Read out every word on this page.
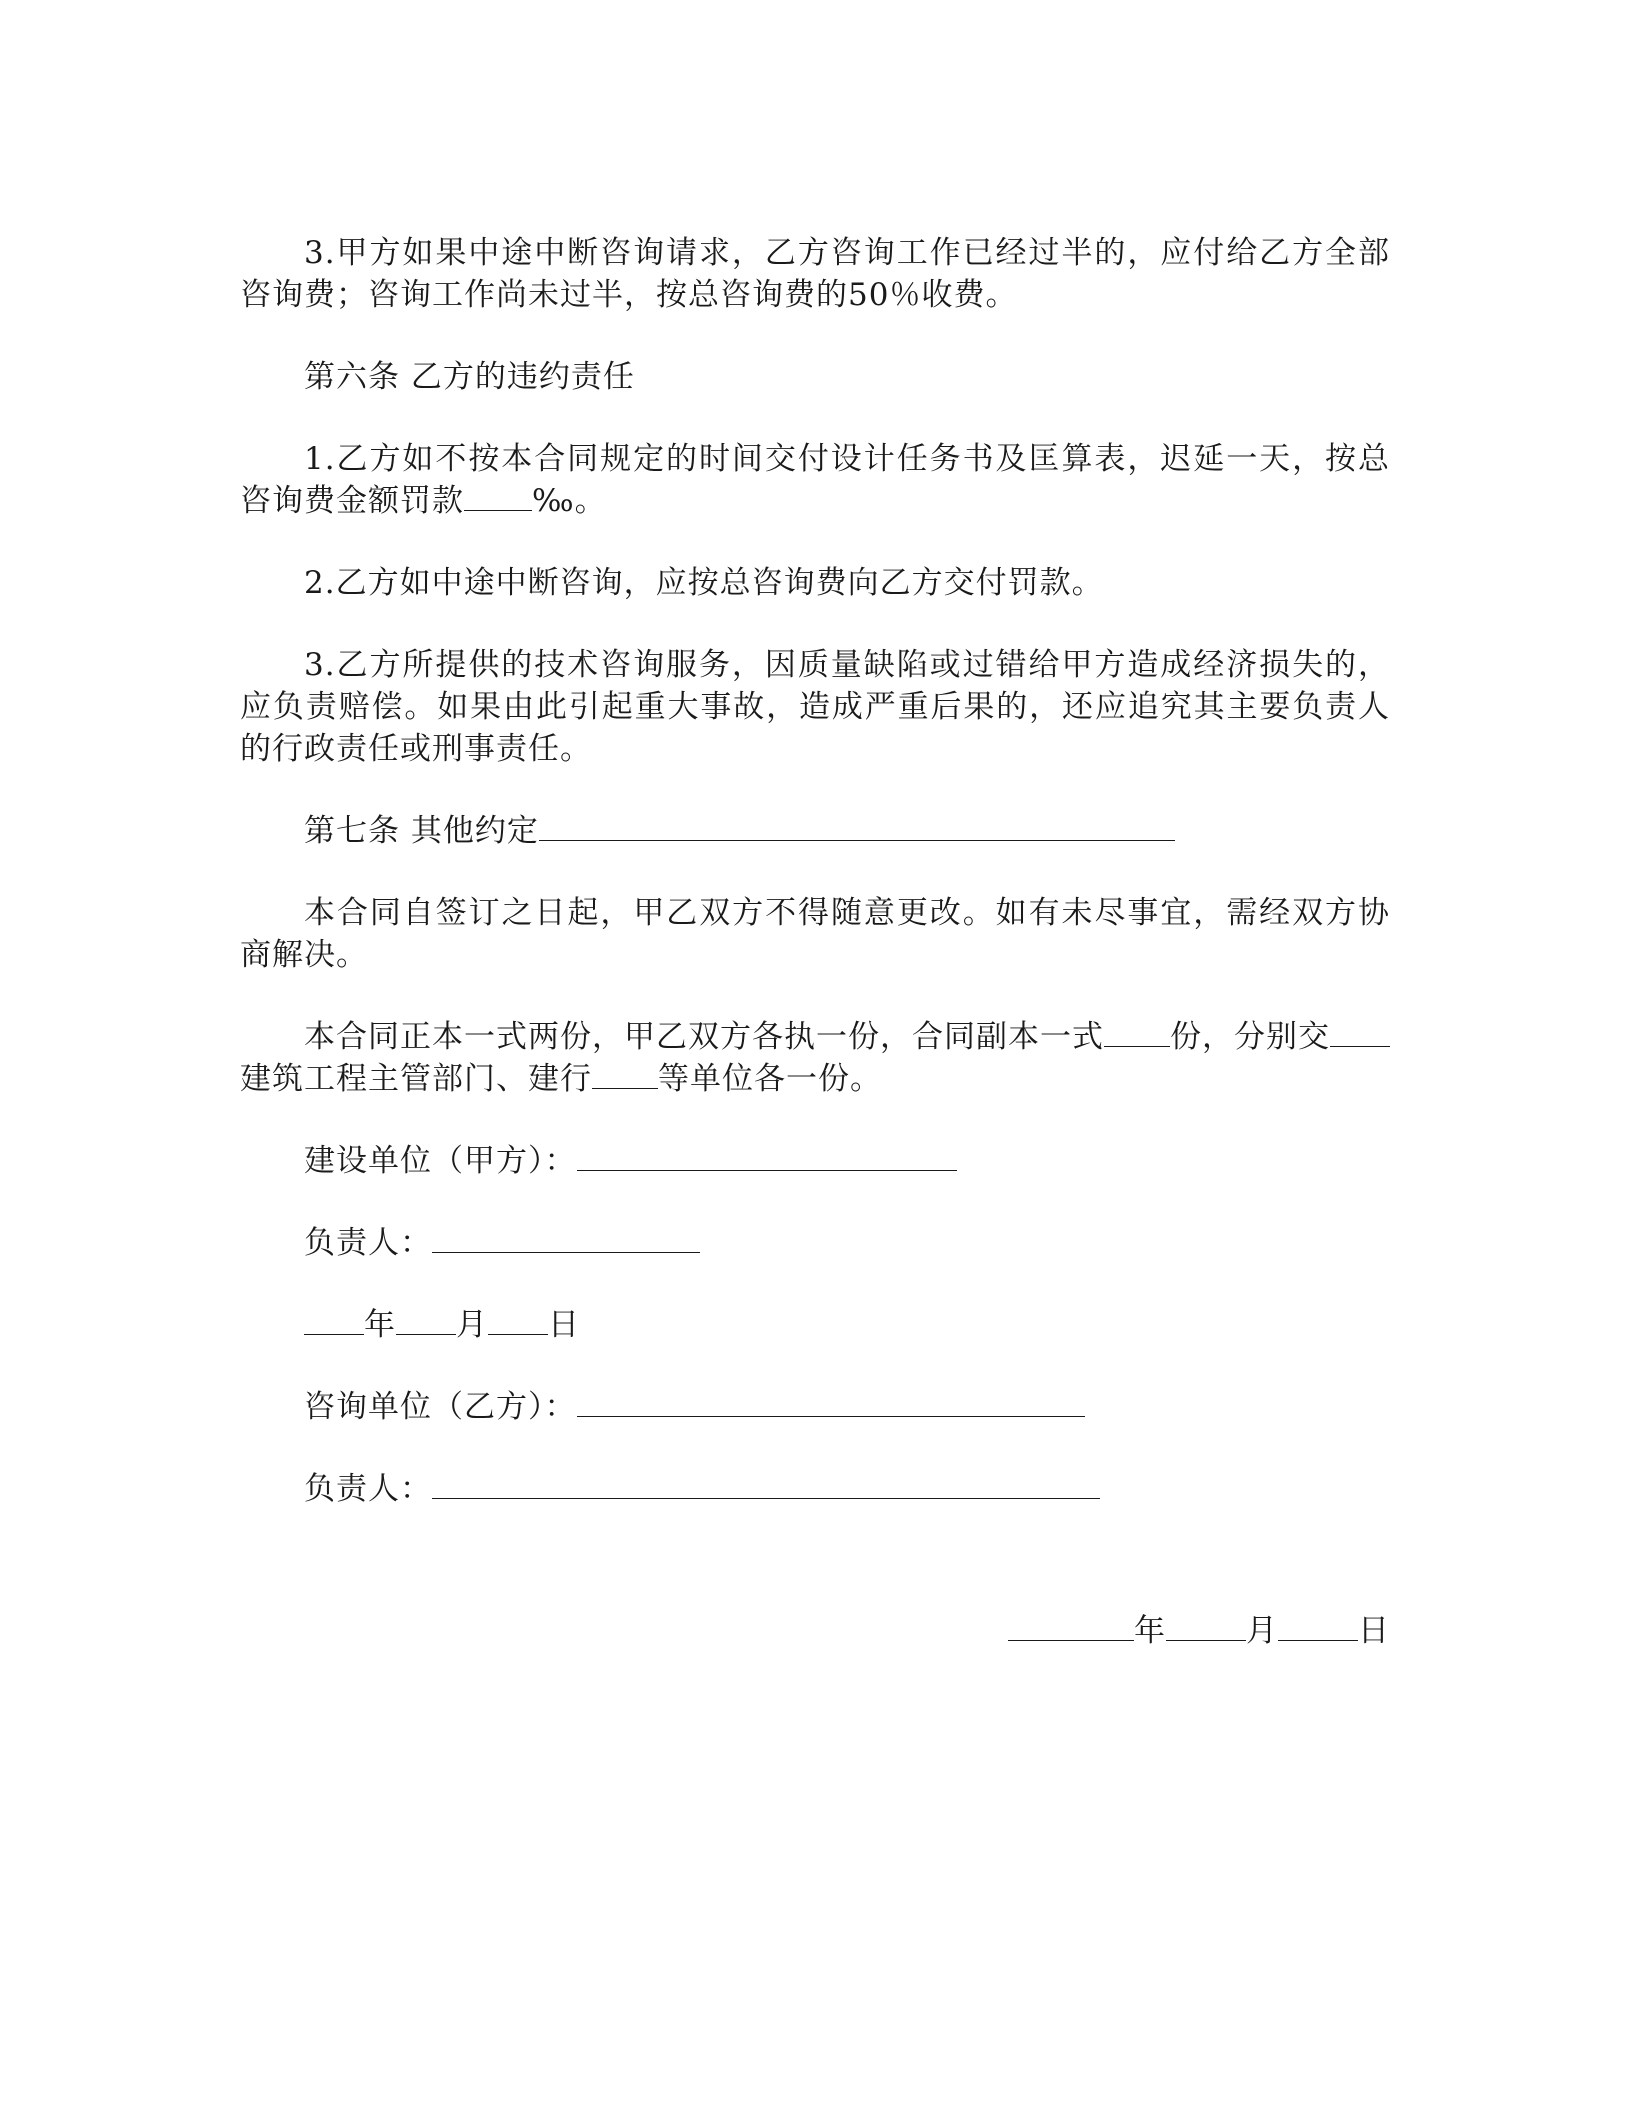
3.甲方如果中途中断咨询请求，乙方咨询工作已经过半的，应付给乙方全部咨询费；咨询工作尚未过半，按总咨询费的50％收费。

第六条 乙方的违约责任

1.乙方如不按本合同规定的时间交付设计任务书及匡算表，迟延一天，按总咨询费金额罚款 ‰。

2.乙方如中途中断咨询，应按总咨询费向乙方交付罚款。

3.乙方所提供的技术咨询服务，因质量缺陷或过错给甲方造成经济损失的，应负责赔偿。如果由此引起重大事故，造成严重后果的，还应追究其主要负责人的行政责任或刑事责任。

第七条 其他约定

本合同自签订之日起，甲乙双方不得随意更改。如有未尽事宜，需经双方协商解决。

本合同正本一式两份，甲乙双方各执一份，合同副本一式 份，分别交建筑工程主管部门、建行 等单位各一份。

建设单位（甲方）：

负责人：

年 月 日

咨询单位（乙方）：

负责人：

年	月	日
